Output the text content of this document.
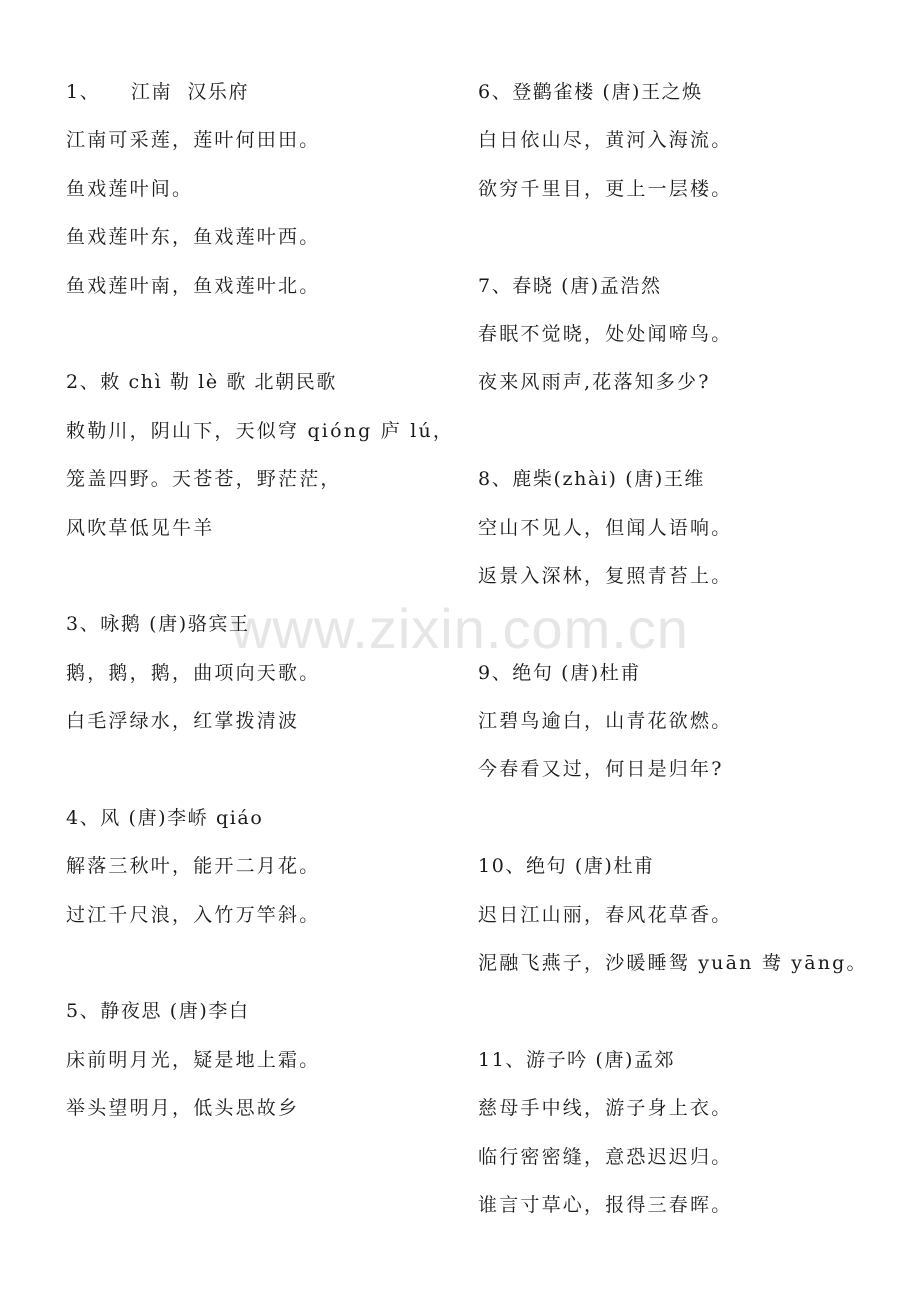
www.zixin.com.cn
1、    江南  汉乐府
江南可采莲，莲叶何田田。
鱼戏莲叶间。
鱼戏莲叶东，鱼戏莲叶西。
鱼戏莲叶南，鱼戏莲叶北。
2、敕 chì 勒 lè 歌 北朝民歌
敕勒川，阴山下，天似穹 qióng 庐 lú，
笼盖四野。天苍苍，野茫茫，
风吹草低见牛羊
3、咏鹅 (唐)骆宾王
鹅，鹅，鹅，曲项向天歌。
白毛浮绿水，红掌拨清波
4、风 (唐)李峤 qiáo
解落三秋叶，能开二月花。
过江千尺浪，入竹万竿斜。
5、静夜思 (唐)李白
床前明月光，疑是地上霜。
举头望明月，低头思故乡
6、登鹳雀楼 (唐)王之焕
白日依山尽，黄河入海流。
欲穷千里目，更上一层楼。
7、春晓 (唐)孟浩然
春眠不觉晓，处处闻啼鸟。
夜来风雨声,花落知多少?
8、鹿柴(zhài) (唐)王维
空山不见人，但闻人语响。
返景入深林，复照青苔上。
9、绝句 (唐)杜甫
江碧鸟逾白，山青花欲燃。
今春看又过，何日是归年?
10、绝句 (唐)杜甫
迟日江山丽，春风花草香。
泥融飞燕子，沙暖睡鸳 yuān 鸯 yāng。
11、游子吟 (唐)孟郊
慈母手中线，游子身上衣。
临行密密缝，意恐迟迟归。
谁言寸草心，报得三春晖。
